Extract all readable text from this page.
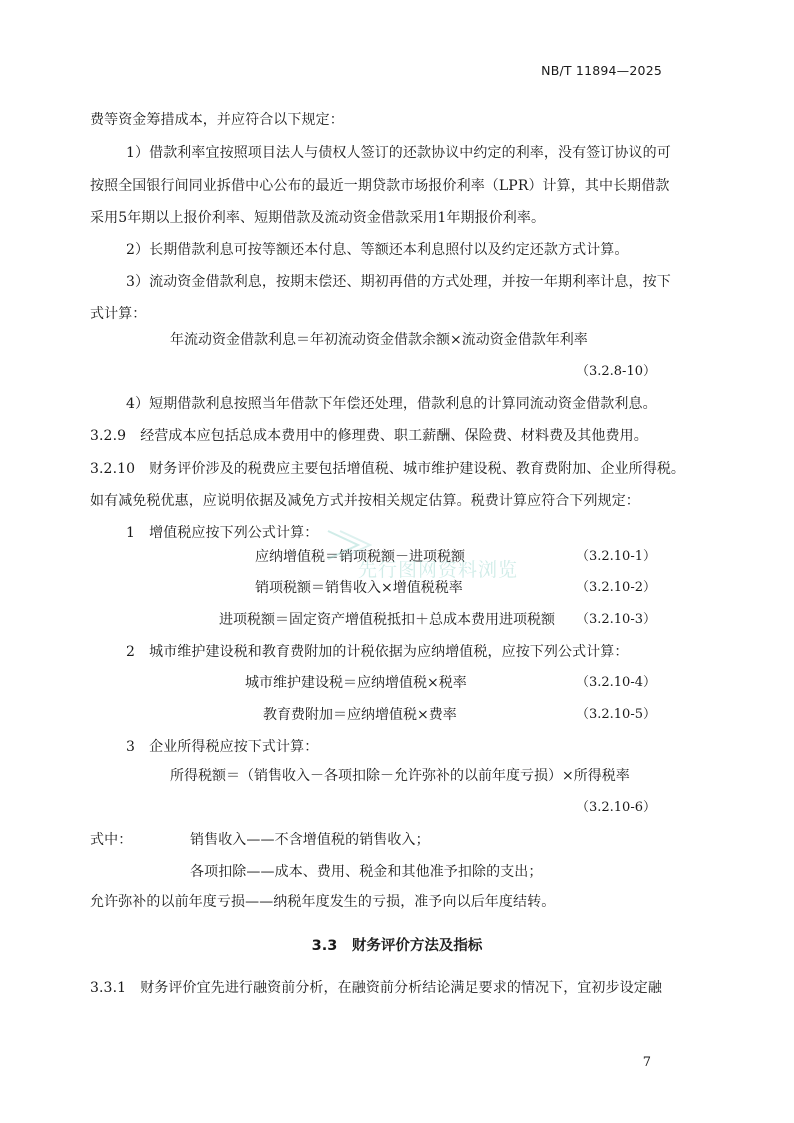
NB/T 11894—2025
费等资金筹措成本，并应符合以下规定：
1）借款利率宜按照项目法人与债权人签订的还款协议中约定的利率，没有签订协议的可
按照全国银行间同业拆借中心公布的最近一期贷款市场报价利率（LPR）计算，其中长期借款
采用5年期以上报价利率、短期借款及流动资金借款采用1年期报价利率。
2）长期借款利息可按等额还本付息、等额还本利息照付以及约定还款方式计算。
3）流动资金借款利息，按期末偿还、期初再借的方式处理，并按一年期利率计息，按下
式计算：
年流动资金借款利息＝年初流动资金借款余额×流动资金借款年利率
（3.2.8-10）
4）短期借款利息按照当年借款下年偿还处理，借款利息的计算同流动资金借款利息。
3.2.9　经营成本应包括总成本费用中的修理费、职工薪酬、保险费、材料费及其他费用。
3.2.10　财务评价涉及的税费应主要包括增值税、城市维护建设税、教育费附加、企业所得税。
如有减免税优惠，应说明依据及减免方式并按相关规定估算。税费计算应符合下列规定：
1　增值税应按下列公式计算：
应纳增值税＝销项税额－进项税额	（3.2.10-1）
销项税额＝销售收入×增值税税率	（3.2.10-2）
进项税额＝固定资产增值税抵扣＋总成本费用进项税额 （3.2.10-3）
2　城市维护建设税和教育费附加的计税依据为应纳增值税，应按下列公式计算：
城市维护建设税＝应纳增值税×税率	（3.2.10-4）
教育费附加＝应纳增值税×费率	（3.2.10-5）
3　企业所得税应按下式计算：
所得税额＝（销售收入－各项扣除－允许弥补的以前年度亏损）×所得税率
（3.2.10-6）
式中：	销售收入——不含增值税的销售收入；
各项扣除——成本、费用、税金和其他准予扣除的支出；
允许弥补的以前年度亏损——纳税年度发生的亏损，准予向以后年度结转。
3.3　财务评价方法及指标
3.3.1　财务评价宜先进行融资前分析，在融资前分析结论满足要求的情况下，宜初步设定融
7
先行图网资料浏览
